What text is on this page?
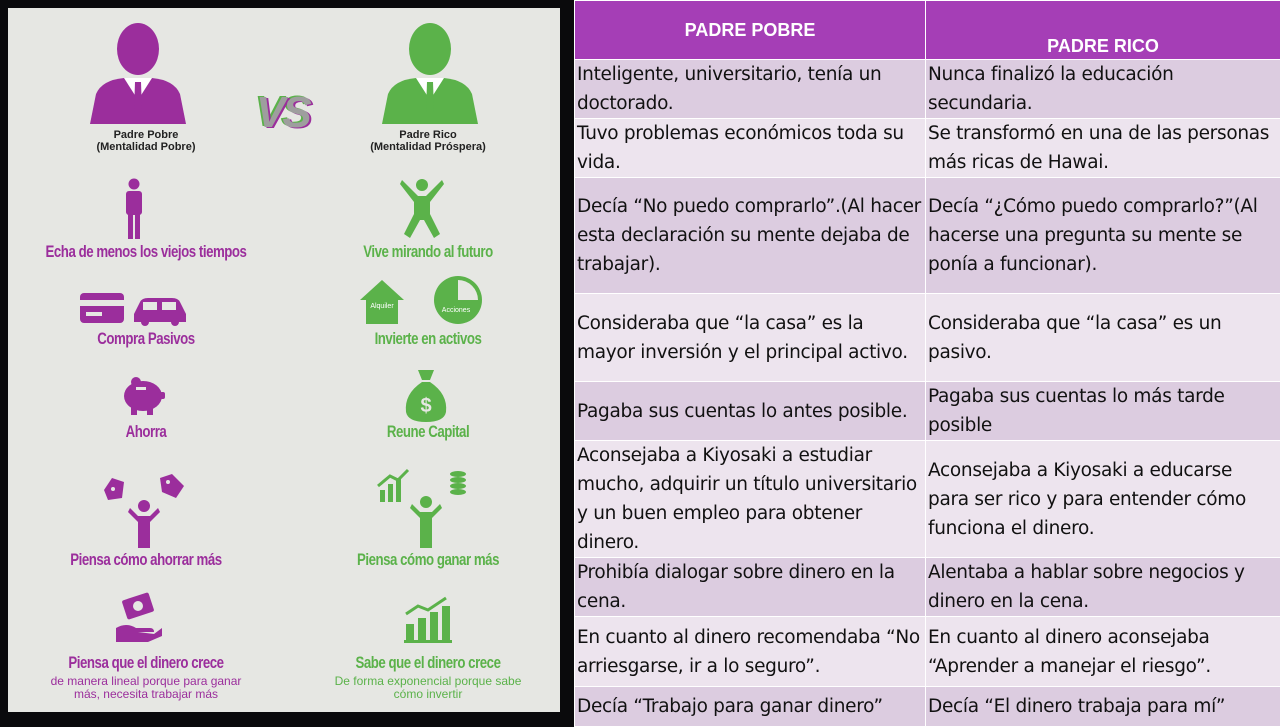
Padre Pobre
(Mentalidad Pobre)
Echa de menos los viejos tiempos
Compra Pasivos
Ahorra
Piensa cómo ahorrar más
Piensa que el dinero crece
de manera lineal porque para ganar más, necesita trabajar más
VS	Padre Rico
(Mentalidad Próspera)
Vive mirando al futuro
Alquiler
Acciones
Invierte en activos
$
Reune Capital
Piensa cómo ganar más
Sabe que el dinero crece
De forma exponencial porque sabe cómo invertir
PADRE POBRE	PADRE RICO
Inteligente, universitario, tenía un doctorado.	Nunca finalizó la educación secundaria.
Tuvo problemas económicos toda su vida.	Se transformó en una de las personas más ricas de Hawai.
Decía “No puedo comprarlo”.(Al hacer esta declaración su mente dejaba de trabajar).	Decía “¿Cómo puedo comprarlo?”(Al hacerse una pregunta su mente se ponía a funcionar).
Consideraba que “la casa” es la mayor inversión y el principal activo.	Consideraba que “la casa” es un pasivo.
Pagaba sus cuentas lo antes posible.	Pagaba sus cuentas lo más tarde posible
Aconsejaba a Kiyosaki a estudiar mucho, adquirir un título universitario y un buen empleo para obtener dinero.	Aconsejaba a Kiyosaki a educarse para ser rico y para entender cómo funciona el dinero.
Prohibía dialogar sobre dinero en la cena.	Alentaba a hablar sobre negocios y dinero en la cena.
En cuanto al dinero recomendaba “No arriesgarse, ir a lo seguro”.	En cuanto al dinero aconsejaba “Aprender a manejar el riesgo”.
Decía “Trabajo para ganar dinero”	Decía “El dinero trabaja para mí”
